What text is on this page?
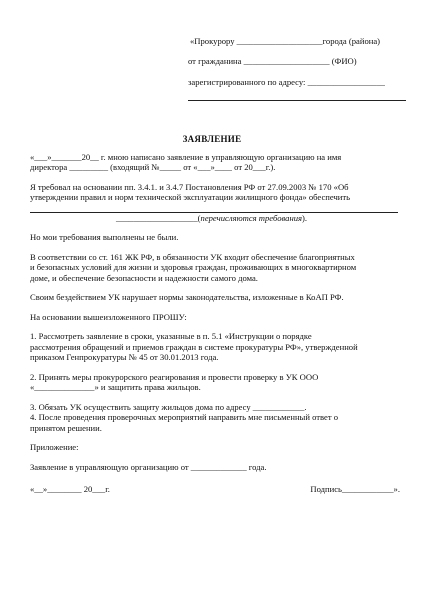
«Прокурору ____________________города (района)

от гражданина ____________________ (ФИО)

зарегистрированного по адресу: __________________

ЗАЯВЛЕНИЕ

«___»_______20__ г. мною написано заявление в управляющую организацию на имя

директора _________ (входящий №_____ от «___»____ от 20___г.).

Я требовал на основании пп. 3.4.1. и 3.4.7 Постановления РФ от 27.09.2003 № 170 «Об

утверждении правил и норм технической эксплуатации жилищного фонда» обеспечить

___________________(перечисляются требования).

Но мои требования выполнены не были.

В соответствии со ст. 161 ЖК РФ, в обязанности УК входит обеспечение благоприятных

и безопасных условий для жизни и здоровья граждан, проживающих в многоквартирном

доме, и обеспечение безопасности и надежности самого дома.

Своим бездействием УК нарушает нормы законодательства, изложенные в КоАП РФ.

На основании вышеизложенного ПРОШУ:

1. Рассмотреть заявление в сроки, указанные в п. 5.1 «Инструкции о порядке

рассмотрения обращений и приемов граждан в системе прокуратуры РФ», утвержденной

приказом Генпрокуратуры № 45 от 30.01.2013 года.

2. Принять меры прокурорского реагирования и провести проверку в УК ООО

«______________» и защитить права жильцов.

3. Обязать УК осуществить защиту жильцов дома по адресу ____________.

4. После проведения проверочных мероприятий направить мне письменный ответ о

принятом решении.

Приложение:

Заявление в управляющую организацию от _____________ года.

«__»________ 20___г.	Подпись____________».
